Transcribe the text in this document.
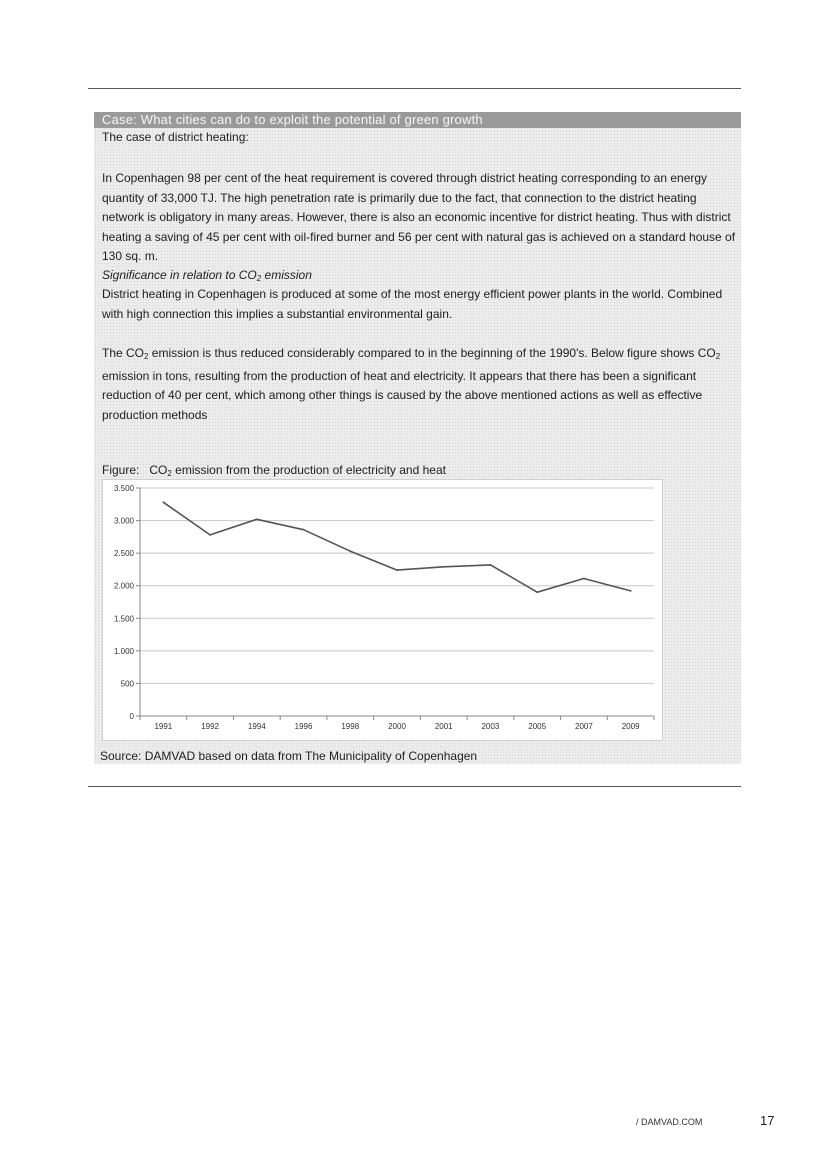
Case: What cities can do to exploit the potential of green growth

The case of district heating:

In Copenhagen 98 per cent of the heat requirement is covered through district heating corresponding to an energy quantity of 33,000 TJ. The high penetration rate is primarily due to the fact, that connection to the district heating network is obligatory in many areas. However, there is also an economic incentive for district heating. Thus with district heating a saving of 45 per cent with oil-fired burner and 56 per cent with natural gas is achieved on a standard house of 130 sq. m.

Significance in relation to $CO_2$ emission

District heating in Copenhagen is produced at some of the most energy efficient power plants in the world. Combined with high connection this implies a substantial environmental gain.

The $CO_2$ emission is thus reduced considerably compared to in the beginning of the 1990's. Below figure shows $CO_2$ emission in tons, resulting from the production of heat and electricity. It appears that there has been a significant reduction of 40 per cent, which among other things is caused by the above mentioned actions as well as effective production methods

Figure: $CO_2$ emission from the production of electricity and heat
0
500
1.000
1.500
2.000
2.500
3.000
3.500
1991	1992	1994	1996	1998	2000	2001	2003	2005	2007	2009
Source: DAMVAD based on data from The Municipality of Copenhagen
/ DAMVAD.COM	17
